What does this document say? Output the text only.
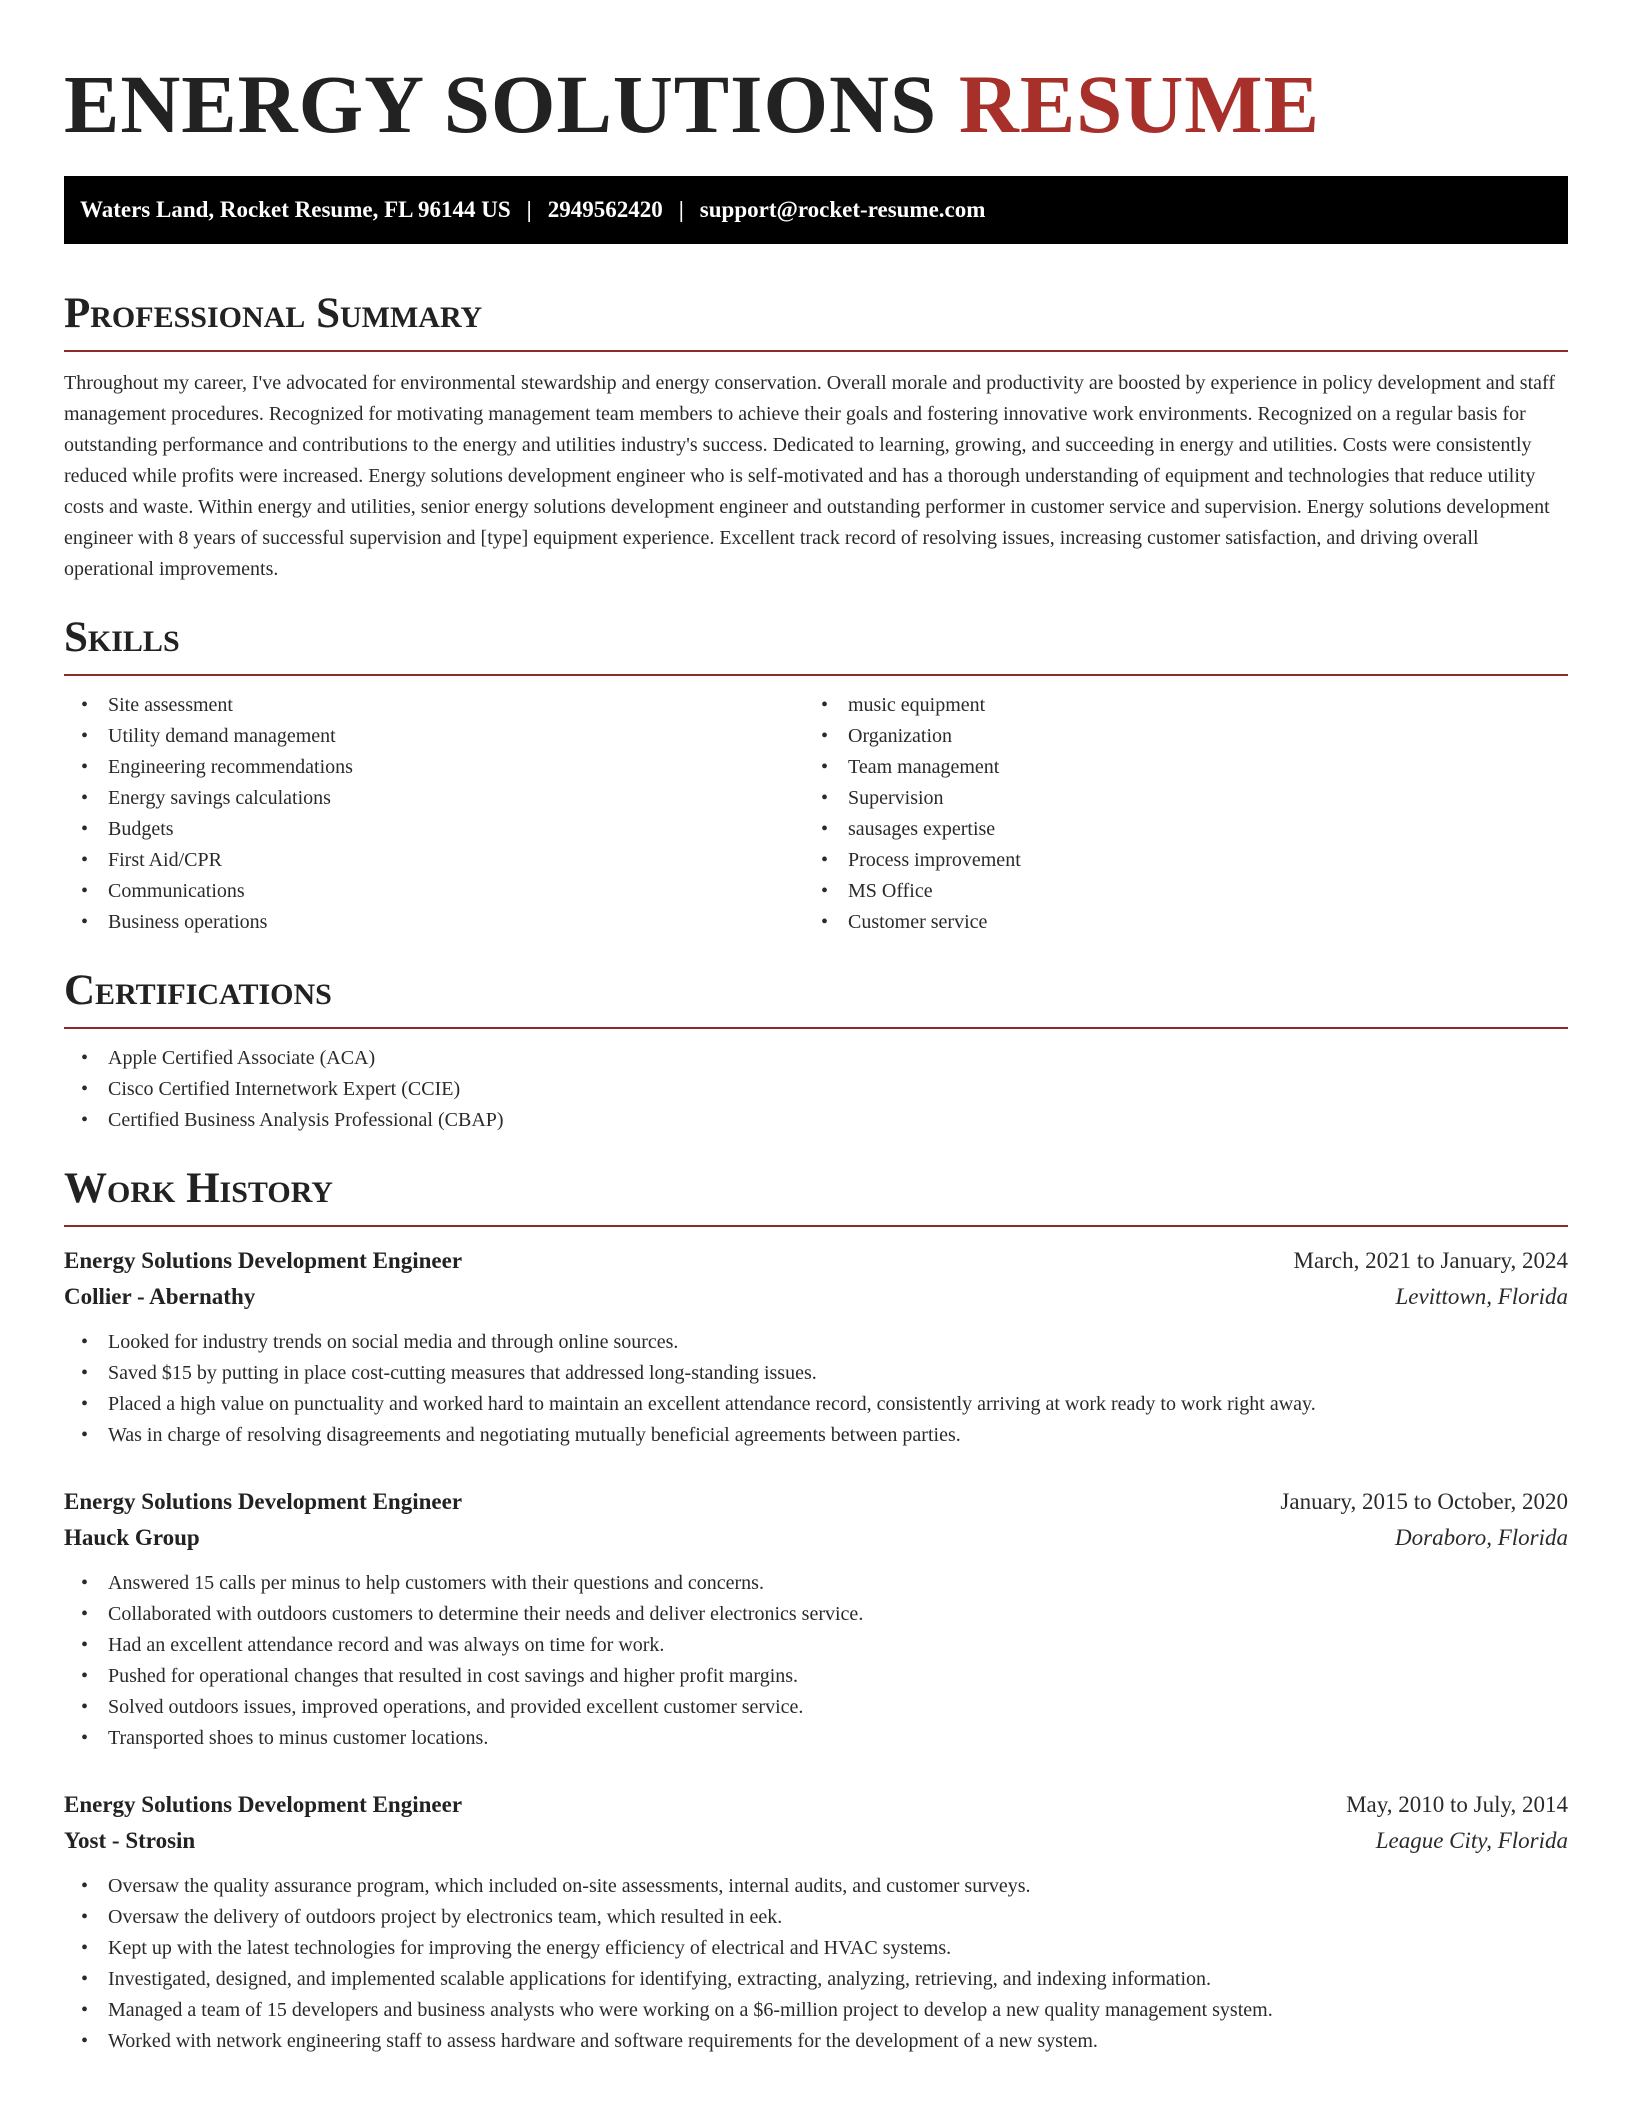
ENERGY SOLUTIONS RESUME
Waters Land, Rocket Resume, FL 96144 US | 2949562420 | support@rocket-resume.com
Professional Summary

Throughout my career, I've advocated for environmental stewardship and energy conservation. Overall morale and productivity are boosted by experience in policy development and staff management procedures. Recognized for motivating management team members to achieve their goals and fostering innovative work environments. Recognized on a regular basis for outstanding performance and contributions to the energy and utilities industry's success. Dedicated to learning, growing, and succeeding in energy and utilities. Costs were consistently reduced while profits were increased. Energy solutions development engineer who is self-motivated and has a thorough understanding of equipment and technologies that reduce utility costs and waste. Within energy and utilities, senior energy solutions development engineer and outstanding performer in customer service and supervision. Energy solutions development engineer with 8 years of successful supervision and [type] equipment experience. Excellent track record of resolving issues, increasing customer satisfaction, and driving overall operational improvements.

Skills
• Site assessment
• Utility demand management
• Engineering recommendations
• Energy savings calculations
• Budgets
• First Aid/CPR
• Communications
• Business operations
• music equipment
• Organization
• Team management
• Supervision
• sausages expertise
• Process improvement
• MS Office
• Customer service
Certifications
• Apple Certified Associate (ACA)
• Cisco Certified Internetwork Expert (CCIE)
• Certified Business Analysis Professional (CBAP)
Work History
Energy Solutions Development Engineer	March, 2021 to January, 2024
Collier - Abernathy	Levittown, Florida
• Looked for industry trends on social media and through online sources.
• Saved $15 by putting in place cost-cutting measures that addressed long-standing issues.
• Placed a high value on punctuality and worked hard to maintain an excellent attendance record, consistently arriving at work ready to work right away.
• Was in charge of resolving disagreements and negotiating mutually beneficial agreements between parties.
Energy Solutions Development Engineer	January, 2015 to October, 2020
Hauck Group	Doraboro, Florida
• Answered 15 calls per minus to help customers with their questions and concerns.
• Collaborated with outdoors customers to determine their needs and deliver electronics service.
• Had an excellent attendance record and was always on time for work.
• Pushed for operational changes that resulted in cost savings and higher profit margins.
• Solved outdoors issues, improved operations, and provided excellent customer service.
• Transported shoes to minus customer locations.
Energy Solutions Development Engineer	May, 2010 to July, 2014
Yost - Strosin	League City, Florida
• Oversaw the quality assurance program, which included on-site assessments, internal audits, and customer surveys.
• Oversaw the delivery of outdoors project by electronics team, which resulted in eek.
• Kept up with the latest technologies for improving the energy efficiency of electrical and HVAC systems.
• Investigated, designed, and implemented scalable applications for identifying, extracting, analyzing, retrieving, and indexing information.
• Managed a team of 15 developers and business analysts who were working on a $6-million project to develop a new quality management system.
• Worked with network engineering staff to assess hardware and software requirements for the development of a new system.
